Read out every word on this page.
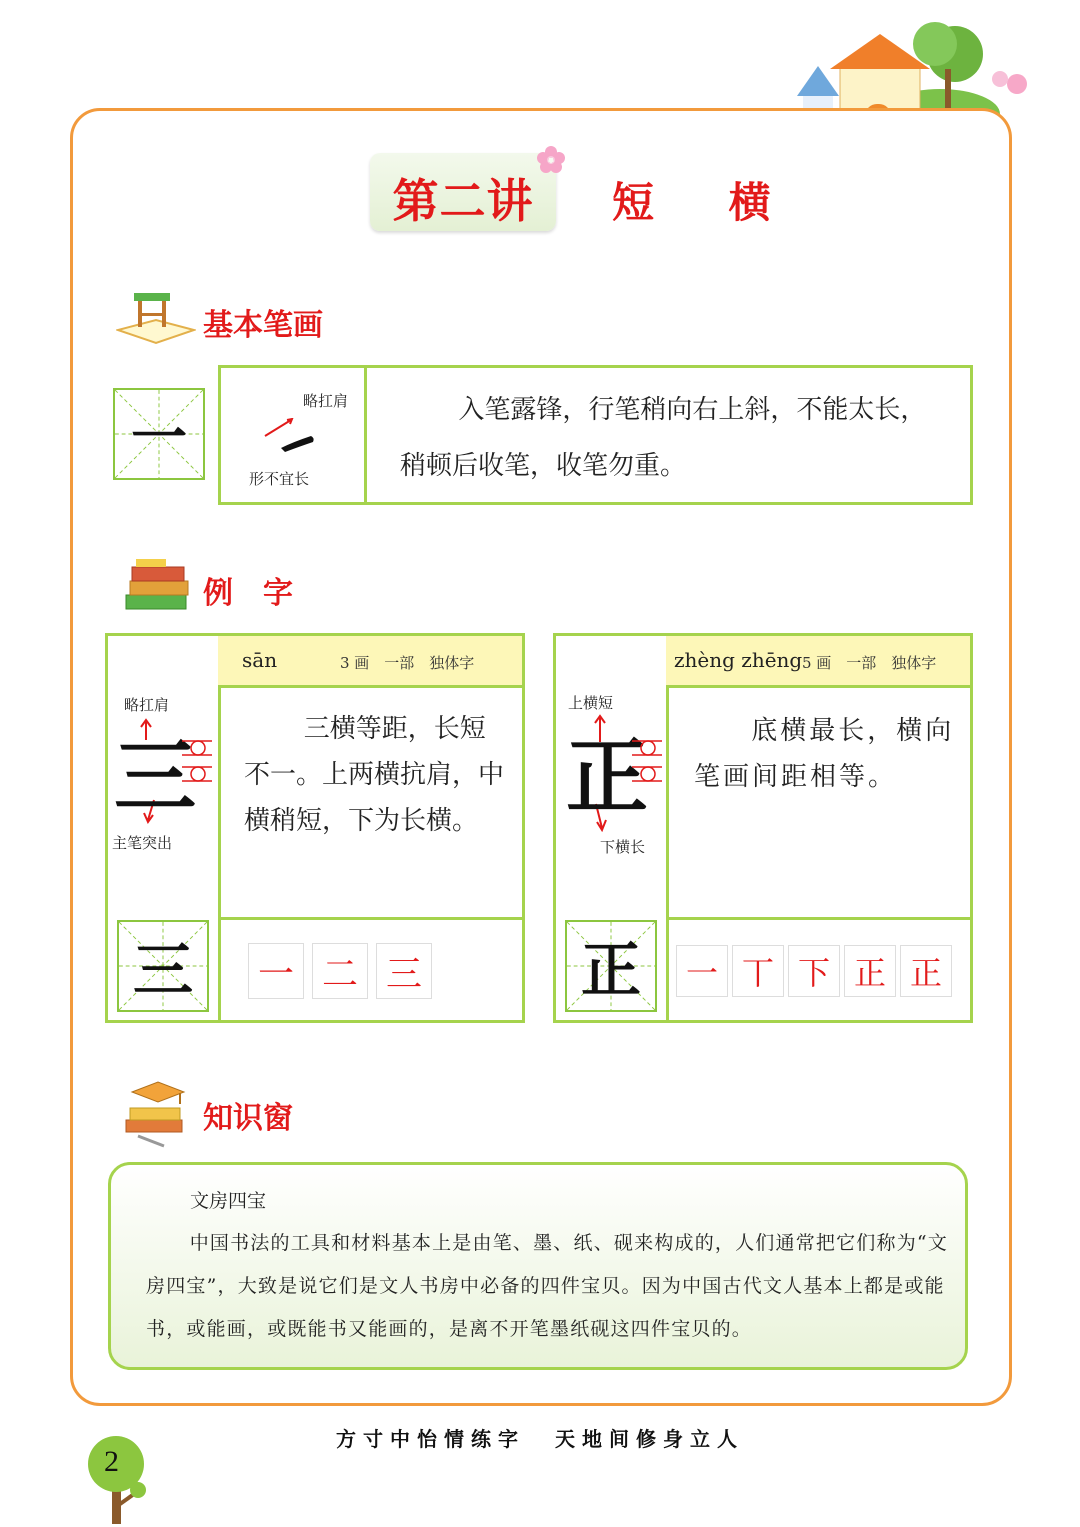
第二讲	短 横
基本笔画
一
略扛肩
形不宜长
入笔露锋，行笔稍向右上斜，不能太长，
稍顿后收笔，收笔勿重。
例　字
sān	3 画　一部　独体字
略扛肩
三
主笔突出
三横等距，长短不一。上两横抗肩，中横稍短，下为长横。
三	一 二 三
zhèng zhēng 5 画　一部　独体字
上横短
正
下横长
底横最长，横向笔画间距相等。
正	一 丅 下 正 正
知识窗
文房四宝
中国书法的工具和材料基本上是由笔、墨、纸、砚来构成的，人们通常把它们称为“文房四宝”，大致是说它们是文人书房中必备的四件宝贝。因为中国古代文人基本上都是或能书，或能画，或既能书又能画的，是离不开笔墨纸砚这四件宝贝的。
方寸中怡情练字 天地间修身立人
2
